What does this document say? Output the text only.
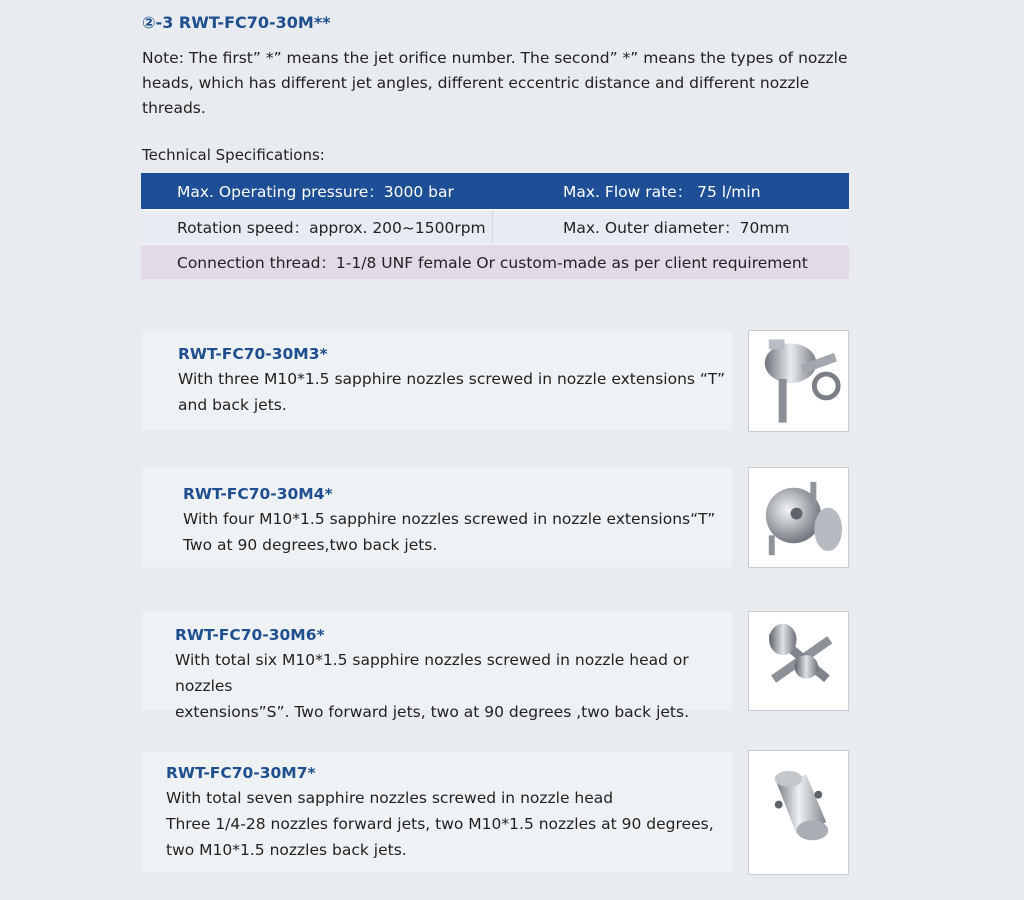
②-3 RWT-FC70-30M**
Note: The first” *” means the jet orifice number. The second” *” means the types of nozzle heads, which has different jet angles, different eccentric distance and different nozzle threads.
Technical Specifications:
Max. Operating pressure：3000 bar	Max. Flow rate： 75 l/min
Rotation speed：approx. 200~1500rpm	Max. Outer diameter：70mm
Connection thread：1-1/8 UNF female Or custom-made as per client requirement
RWT-FC70-30M3*
With three M10*1.5 sapphire nozzles screwed in nozzle extensions “T”
and back jets.
RWT-FC70-30M4*
With four M10*1.5 sapphire nozzles screwed in nozzle extensions“T”
Two at 90 degrees,two back jets.
RWT-FC70-30M6*
With total six M10*1.5 sapphire nozzles screwed in nozzle head or nozzles
extensions”S”. Two forward jets, two at 90 degrees ,two back jets.
RWT-FC70-30M7*
With total seven sapphire nozzles screwed in nozzle head
Three 1/4-28 nozzles forward jets, two M10*1.5 nozzles at 90 degrees,
two M10*1.5 nozzles back jets.
